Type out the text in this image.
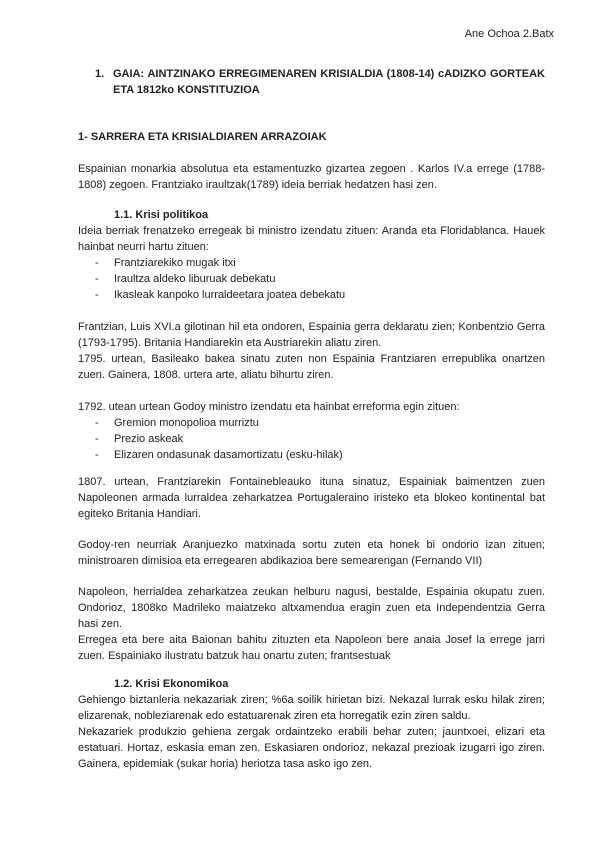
Ane Ochoa 2.Batx
1. GAIA: AINTZINAKO ERREGIMENAREN KRISIALDIA (1808-14) cADIZKO GORTEAK ETA 1812ko KONSTITUZIOA
1- SARRERA ETA KRISIALDIAREN ARRAZOIAK

Espainian monarkia absolutua eta estamentuzko gizartea zegoen . Karlos IV.a errege (1788-1808) zegoen. Frantziako iraultzak(1789) ideia berriak hedatzen hasi zen.

1.1. Krisi politikoa

Ideia berriak frenatzeko erregeak bi ministro izendatu zituen: Aranda eta Floridablanca. Hauek hainbat neurri hartu zituen:

- Frantziarekiko mugak itxi
- Iraultza aldeko liburuak debekatu
- Ikasleak kanpoko lurraldeetara joatea debekatu

Frantzian, Luis XVI.a gilotinan hil eta ondoren, Espainia gerra deklaratu zien; Konbentzio Gerra (1793-1795). Britania Handiarekin eta Austriarekin aliatu ziren.

1795. urtean, Basileako bakea sinatu zuten non Espainia Frantziaren errepublika onartzen zuen. Gainera, 1808. urtera arte, aliatu bihurtu ziren.

1792. utean urtean Godoy ministro izendatu eta hainbat erreforma egin zituen:

- Gremion monopolioa murriztu
- Prezio askeak
- Elizaren ondasunak dasamortizatu (esku-hilak)

1807. urtean, Frantziarekin Fontainebleauko ituna sinatuz, Espainiak baimentzen zuen Napoleonen armada lurraldea zeharkatzea Portugaleraino iristeko eta blokeo kontinental bat egiteko Britania Handiari.

Godoy-ren neurriak Aranjuezko matxinada sortu zuten eta honek bi ondorio izan zituen; ministroaren dimisioa eta erregearen abdikazioa bere semearengan (Fernando VII)

Napoleon, herrialdea zeharkatzea zeukan helburu nagusi, bestalde, Espainia okupatu zuen. Ondorioz, 1808ko Madrileko maiatzeko altxamendua eragin zuen eta Independentzia Gerra hasi zen.

Erregea eta bere aita Baionan bahitu zituzten eta Napoleon bere anaia Josef la errege jarri zuen. Espainiako ilustratu batzuk hau onartu zuten; frantsestuak

1.2. Krisi Ekonomikoa

Gehiengo biztanleria nekazariak ziren; %6a soilik hirietan bizi. Nekazal lurrak esku hilak ziren; elizarenak, nobleziarenak edo estatuarenak ziren eta horregatik ezin ziren saldu.

Nekazariek produkzio gehiena zergak ordaintzeko erabili behar zuten; jauntxoei, elizari eta estatuari. Hortaz, eskasia eman zen. Eskasiaren ondorioz, nekazal prezioak izugarri igo ziren. Gainera, epidemiak (sukar horia) heriotza tasa asko igo zen.
